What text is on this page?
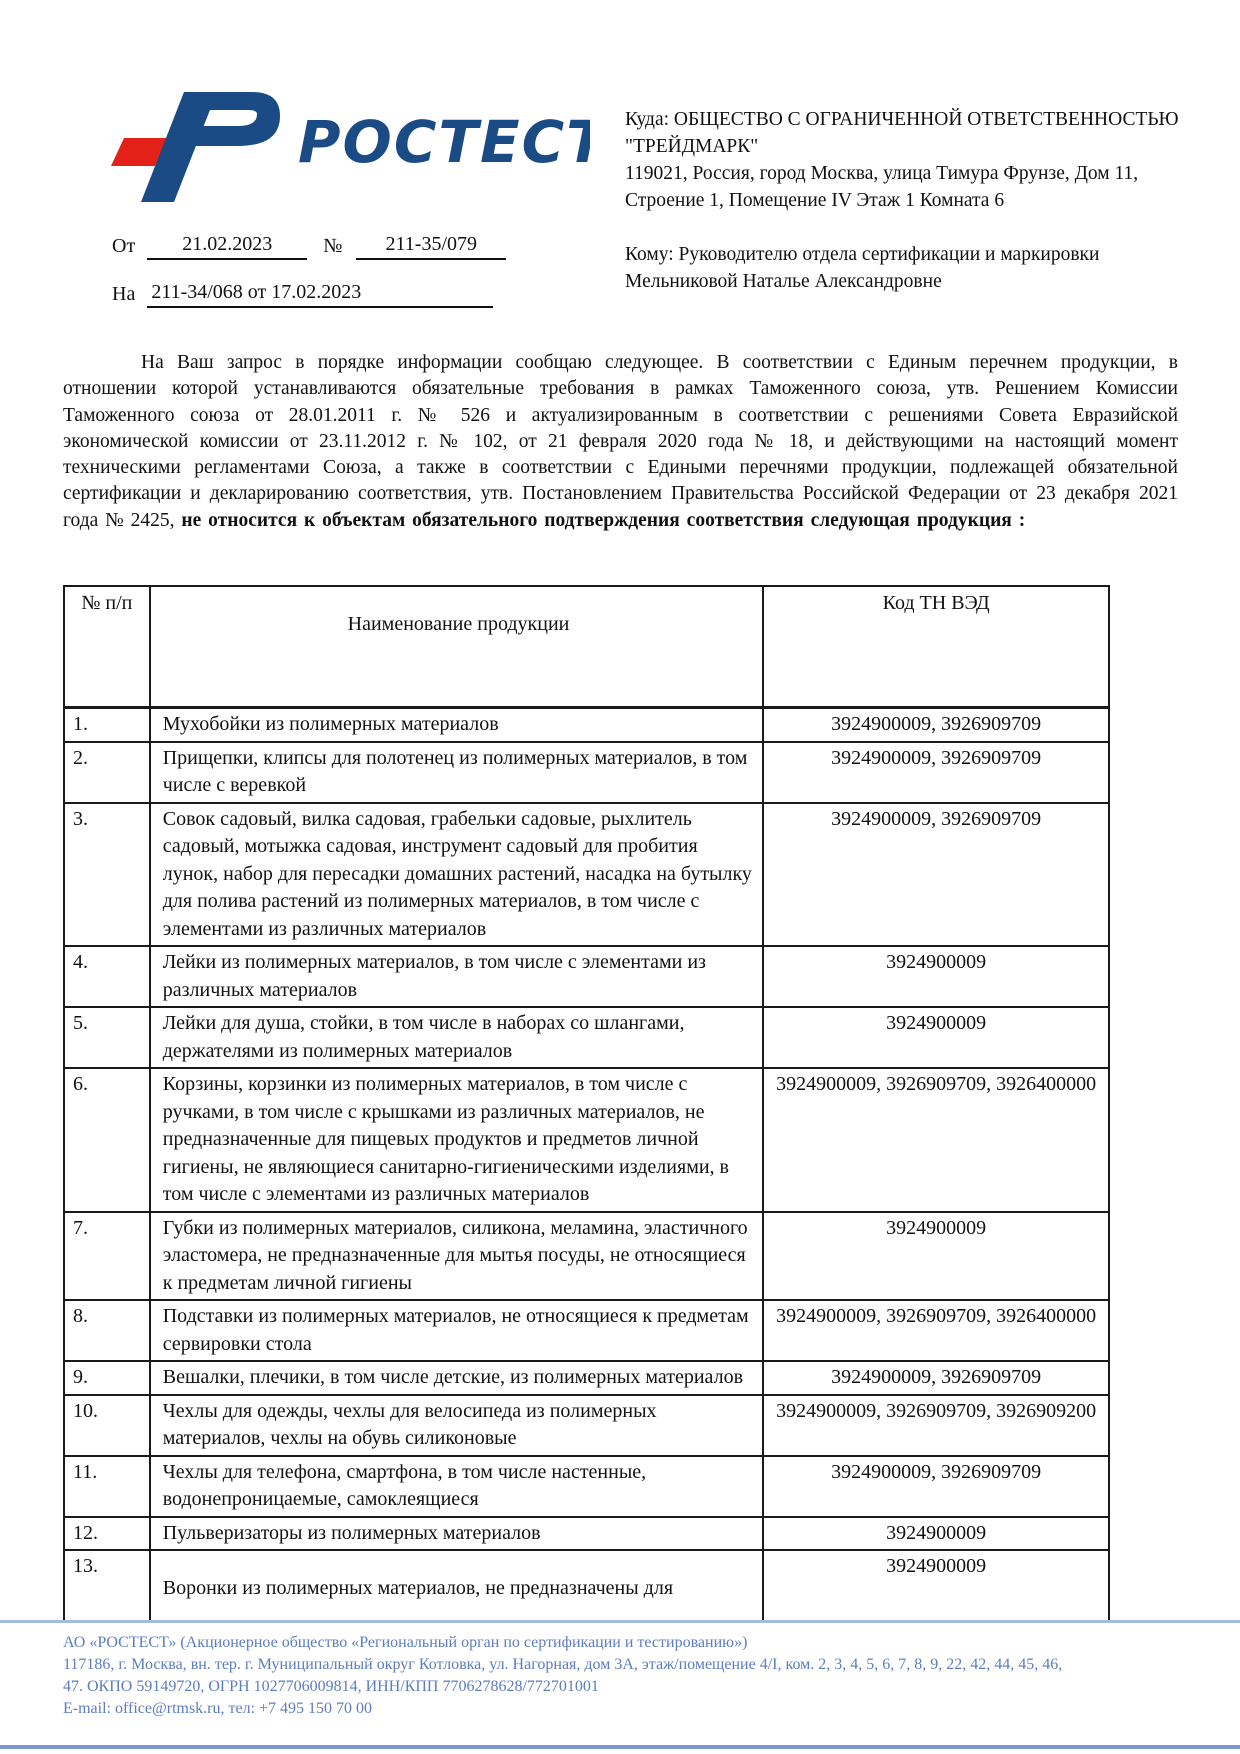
РОСТЕСТ
От	21.02.2023	№	211-35/079
На 211-34/068 от 17.02.2023
Куда: ОБЩЕСТВО С ОГРАНИЧЕННОЙ ОТВЕТСТВЕННОСТЬЮ "ТРЕЙДМАРК"
119021, Россия, город Москва, улица Тимура Фрунзе, Дом 11, Строение 1, Помещение IV Этаж 1 Комната 6
Кому: Руководителю отдела сертификации и маркировки
Мельниковой Наталье Александровне
На Ваш запрос в порядке информации сообщаю следующее. В соответствии с Единым перечнем продукции, в отношении которой устанавливаются обязательные требования в рамках Таможенного союза, утв. Решением Комиссии Таможенного союза от 28.01.2011 г. № 526 и актуализированным в соответствии с решениями Совета Евразийской экономической комиссии от 23.11.2012 г. № 102, от 21 февраля 2020 года № 18, и действующими на настоящий момент техническими регламентами Союза, а также в соответствии с Едиными перечнями продукции, подлежащей обязательной сертификации и декларированию соответствия, утв. Постановлением Правительства Российской Федерации от 23 декабря 2021 года № 2425, не относится к объектам обязательного подтверждения соответствия следующая продукция :
№ п/п	Наименование продукции	Код ТН ВЭД
1.	Мухобойки из полимерных материалов	3924900009, 3926909709
2.	Прищепки, клипсы для полотенец из полимерных материалов, в том числе с веревкой	3924900009, 3926909709
3.	Совок садовый, вилка садовая, грабельки садовые, рыхлитель садовый, мотыжка садовая, инструмент садовый для пробития лунок, набор для пересадки домашних растений, насадка на бутылку для полива растений из полимерных материалов, в том числе с элементами из различных материалов	3924900009, 3926909709
4.	Лейки из полимерных материалов, в том числе с элементами из различных материалов	3924900009
5.	Лейки для душа, стойки, в том числе в наборах со шлангами, держателями из полимерных материалов	3924900009
6.	Корзины, корзинки из полимерных материалов, в том числе с ручками, в том числе с крышками из различных материалов, не предназначенные для пищевых продуктов и предметов личной гигиены, не являющиеся санитарно-гигиеническими изделиями, в том числе с элементами из различных материалов	3924900009, 3926909709, 3926400000
7.	Губки из полимерных материалов, силикона, меламина, эластичного эластомера, не предназначенные для мытья посуды, не относящиеся к предметам личной гигиены	3924900009
8.	Подставки из полимерных материалов, не относящиеся к предметам сервировки стола	3924900009, 3926909709, 3926400000
9.	Вешалки, плечики, в том числе детские, из полимерных материалов	3924900009, 3926909709
10.	Чехлы для одежды, чехлы для велосипеда из полимерных материалов, чехлы на обувь силиконовые	3924900009, 3926909709, 3926909200
11.	Чехлы для телефона, смартфона, в том числе настенные, водонепроницаемые, самоклеящиеся	3924900009, 3926909709
12.	Пульверизаторы из полимерных материалов	3924900009
13.	Воронки из полимерных материалов, не предназначены для	3924900009
АО «РОСТЕСТ» (Акционерное общество «Региональный орган по сертификации и тестированию»)
117186, г. Москва, вн. тер. г. Муниципальный округ Котловка, ул. Нагорная, дом 3А, этаж/помещение 4/I, ком. 2, 3, 4, 5, 6, 7, 8, 9, 22, 42, 44, 45, 46,
47. ОКПО 59149720, ОГРН 1027706009814, ИНН/КПП 7706278628/772701001
E-mail: office@rtmsk.ru, тел: +7 495 150 70 00
